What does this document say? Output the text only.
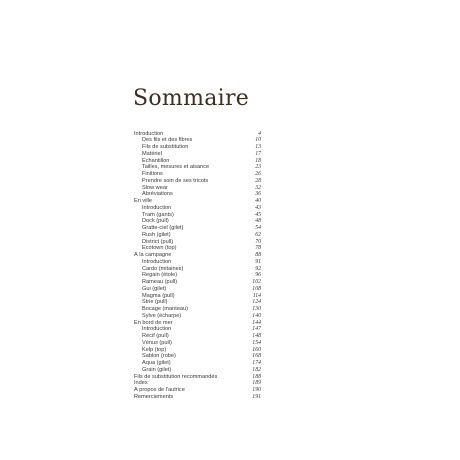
Sommaire
Introduction	4
Des fils et des fibres	10
Fils de substitution	13
Matériel	17
Échantillon	18
Tailles, mesures et aisance	23
Finitions	26
Prendre soin de ses tricots	28
Slow wear	32
Abréviations	36
En ville	40
Introduction	43
Tram (gants)	45
Dock (pull)	48
Gratte-ciel (gilet)	54
Rush (gilet)	62
District (pull)	70
Ecotown (top)	78
À la campagne	88
Introduction	91
Cardo (mitaines)	92
Regain (étole)	96
Rameau (pull)	102
Gui (gilet)	108
Magma (pull)	114
Strie (pull)	124
Bocage (manteau)	130
Sylve (écharpe)	140
En bord de mer	144
Introduction	147
Récif (pull)	148
Vénus (pull)	154
Kelp (top)	160
Sablon (robe)	168
Aqua (gilet)	174
Grain (gilet)	182
Fils de substitution recommandés	188
Index	189
À propos de l'autrice	190
Remerciements	191
